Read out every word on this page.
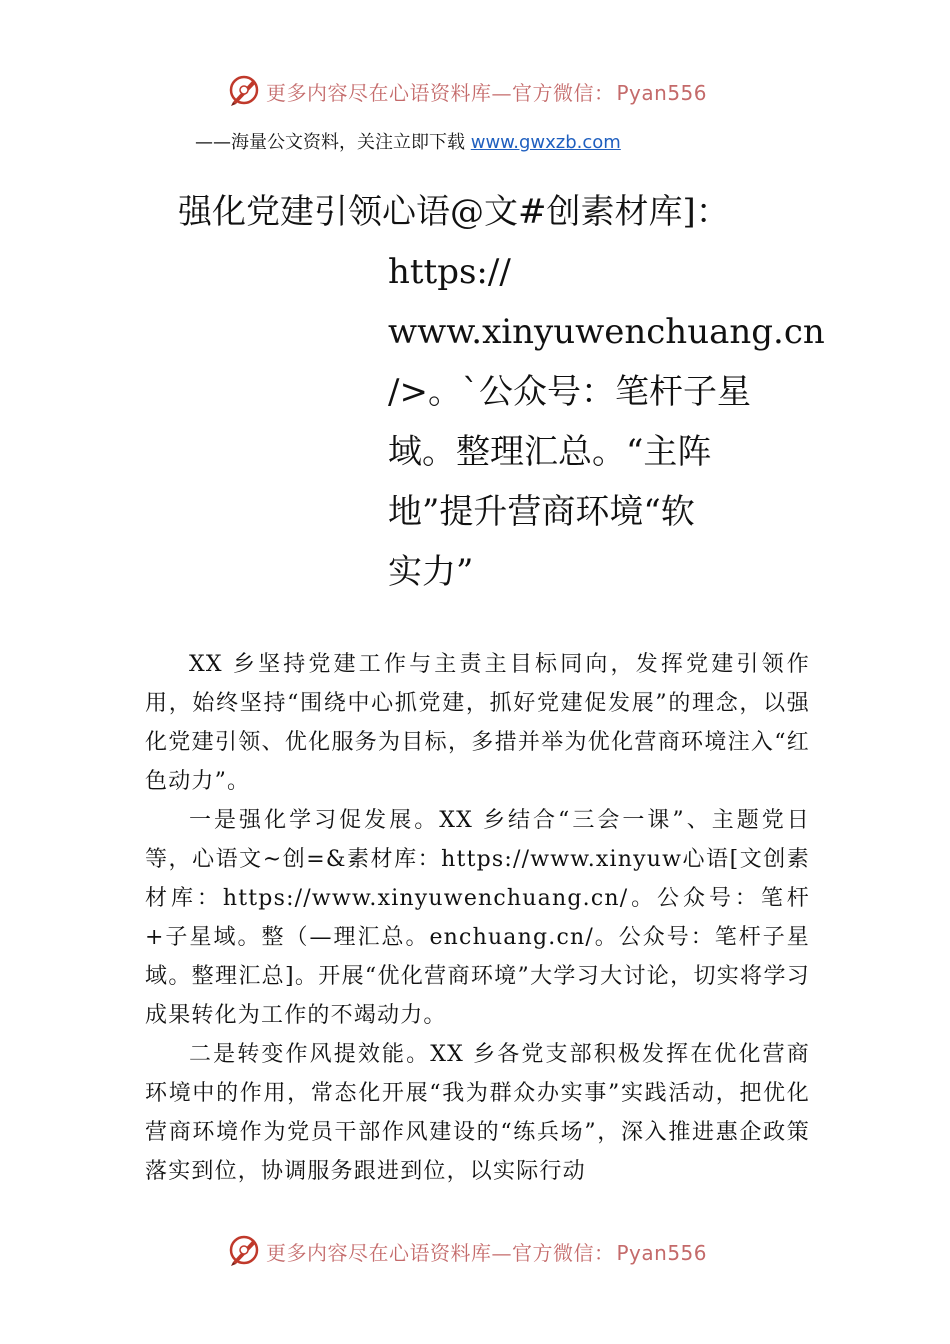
更多内容尽在心语资料库—官方微信： Pyan556
——海量公文资料，关注立即下载 www.gwxzb.com
强化党建引领心语@文#创素材库]：
https://
www.xinyuwenchuang.cn
/>。`公众号：笔杆子星
域。整理汇总。“主阵
地”提升营商环境“软
实力”

XX 乡坚持党建工作与主责主目标同向，发挥党建引领作用，始终坚持“围绕中心抓党建，抓好党建促发展”的理念，以强化党建引领、优化服务为目标，多措并举为优化营商环境注入“红色动力”。

一是强化学习促发展。XX 乡结合“三会一课”、主题党日等，心语文~创=&素材库：https://www.xinyuw心语[文创素材库：https://www.xinyuwenchuang.cn/。公众号：笔杆+子星域。整（—理汇总。enchuang.cn/。公众号：笔杆子星域。整理汇总]。开展“优化营商环境”大学习大讨论，切实将学习成果转化为工作的不竭动力。

二是转变作风提效能。XX 乡各党支部积极发挥在优化营商环境中的作用，常态化开展“我为群众办实事”实践活动，把优化营商环境作为党员干部作风建设的“练兵场”，深入推进惠企政策落实到位，协调服务跟进到位，以实际行动

更多内容尽在心语资料库—官方微信： Pyan556
